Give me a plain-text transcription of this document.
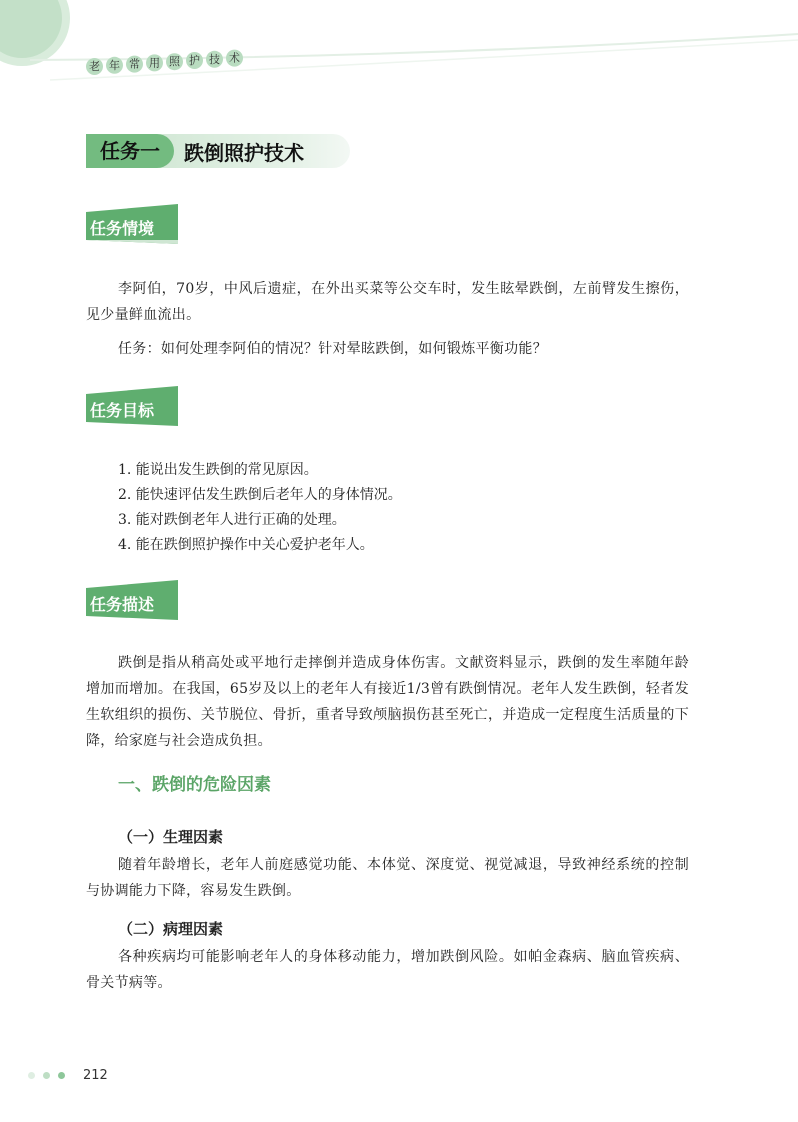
老 年 常 用 照 护 技 术
任务一	跌倒照护技术
任务情境

李阿伯，70岁，中风后遗症，在外出买菜等公交车时，发生眩晕跌倒，左前臂发生擦伤，见少量鲜血流出。

任务：如何处理李阿伯的情况？针对晕眩跌倒，如何锻炼平衡功能？

任务目标
1. 能说出发生跌倒的常见原因。
2. 能快速评估发生跌倒后老年人的身体情况。
3. 能对跌倒老年人进行正确的处理。
4. 能在跌倒照护操作中关心爱护老年人。
任务描述

跌倒是指从稍高处或平地行走摔倒并造成身体伤害。文献资料显示，跌倒的发生率随年龄增加而增加。在我国，65岁及以上的老年人有接近1/3曾有跌倒情况。老年人发生跌倒，轻者发生软组织的损伤、关节脱位、骨折，重者导致颅脑损伤甚至死亡，并造成一定程度生活质量的下降，给家庭与社会造成负担。

一、跌倒的危险因素
（一）生理因素

随着年龄增长，老年人前庭感觉功能、本体觉、深度觉、视觉减退，导致神经系统的控制与协调能力下降，容易发生跌倒。

（二）病理因素

各种疾病均可能影响老年人的身体移动能力，增加跌倒风险。如帕金森病、脑血管疾病、骨关节病等。

212
